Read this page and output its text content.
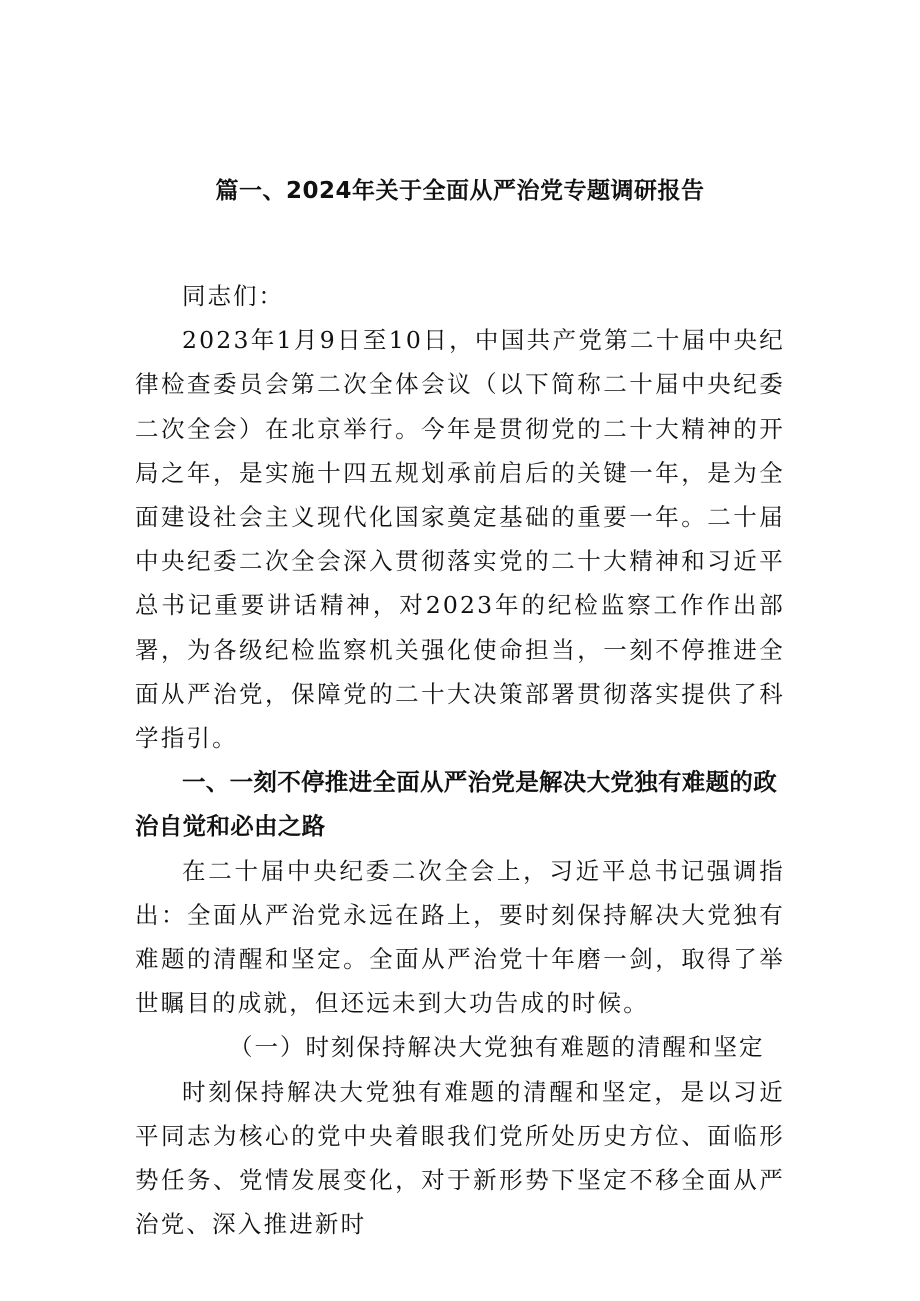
篇一、2024年关于全面从严治党专题调研报告

同志们：

2023年1月9日至10日，中国共产党第二十届中央纪律检查委员会第二次全体会议（以下简称二十届中央纪委二次全会）在北京举行。今年是贯彻党的二十大精神的开局之年，是实施十四五规划承前启后的关键一年，是为全面建设社会主义现代化国家奠定基础的重要一年。二十届中央纪委二次全会深入贯彻落实党的二十大精神和习近平总书记重要讲话精神，对2023年的纪检监察工作作出部署，为各级纪检监察机关强化使命担当，一刻不停推进全面从严治党，保障党的二十大决策部署贯彻落实提供了科学指引。

一、一刻不停推进全面从严治党是解决大党独有难题的政治自觉和必由之路

在二十届中央纪委二次全会上，习近平总书记强调指出：全面从严治党永远在路上，要时刻保持解决大党独有难题的清醒和坚定。全面从严治党十年磨一剑，取得了举世瞩目的成就，但还远未到大功告成的时候。

（一）时刻保持解决大党独有难题的清醒和坚定

时刻保持解决大党独有难题的清醒和坚定，是以习近平同志为核心的党中央着眼我们党所处历史方位、面临形势任务、党情发展变化，对于新形势下坚定不移全面从严治党、深入推进新时
